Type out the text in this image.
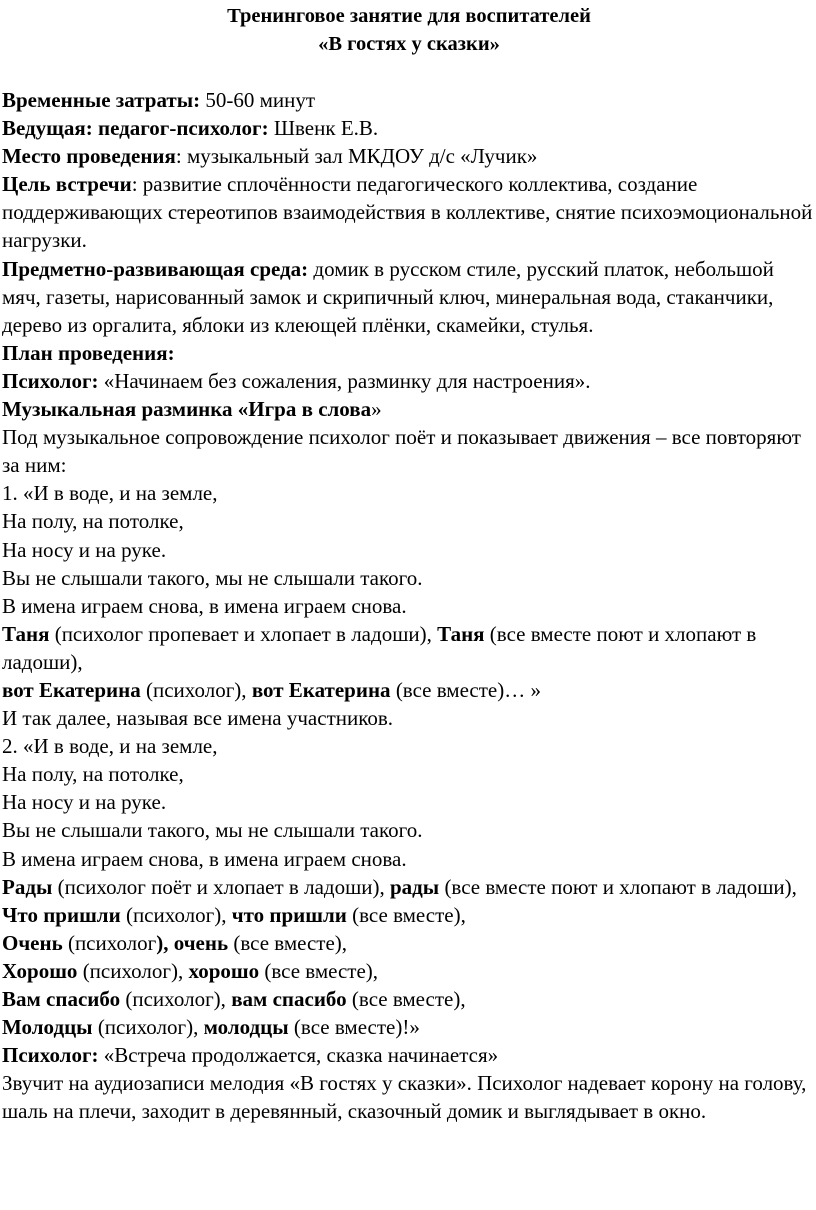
Тренинговое занятие для воспитателей
«В гостях у сказки»

Временные затраты: 50-60 минут

Ведущая: педагог-психолог: Швенк Е.В.

Место проведения: музыкальный зал МКДОУ д/с «Лучик»

Цель встречи: развитие сплочённости педагогического коллектива, создание поддерживающих стереотипов взаимодействия в коллективе, снятие психоэмоциональной нагрузки.

Предметно-развивающая среда: домик в русском стиле, русский платок, небольшой мяч, газеты, нарисованный замок и скрипичный ключ, минеральная вода, стаканчики, дерево из оргалита, яблоки из клеющей плёнки, скамейки, стулья.

План проведения:

Психолог: «Начинаем без сожаления, разминку для настроения».

Музыкальная разминка «Игра в слова»

Под музыкальное сопровождение психолог поёт и показывает движения – все повторяют за ним:

1. «И в воде, и на земле,

На полу, на потолке,

На носу и на руке.

Вы не слышали такого, мы не слышали такого.

В имена играем снова, в имена играем снова.

Таня (психолог пропевает и хлопает в ладоши), Таня (все вместе поют и хлопают в ладоши),

вот Екатерина (психолог), вот Екатерина (все вместе)… »

И так далее, называя все имена участников.

2. «И в воде, и на земле,

На полу, на потолке,

На носу и на руке.

Вы не слышали такого, мы не слышали такого.

В имена играем снова, в имена играем снова.

Рады (психолог поёт и хлопает в ладоши), рады (все вместе поют и хлопают в ладоши),

Что пришли (психолог), что пришли (все вместе),

Очень (психолог), очень (все вместе),

Хорошо (психолог), хорошо (все вместе),

Вам спасибо (психолог), вам спасибо (все вместе),

Молодцы (психолог), молодцы (все вместе)!»

Психолог: «Встреча продолжается, сказка начинается»

Звучит на аудиозаписи мелодия «В гостях у сказки». Психолог надевает корону на голову, шаль на плечи, заходит в деревянный, сказочный домик и выглядывает в окно.
